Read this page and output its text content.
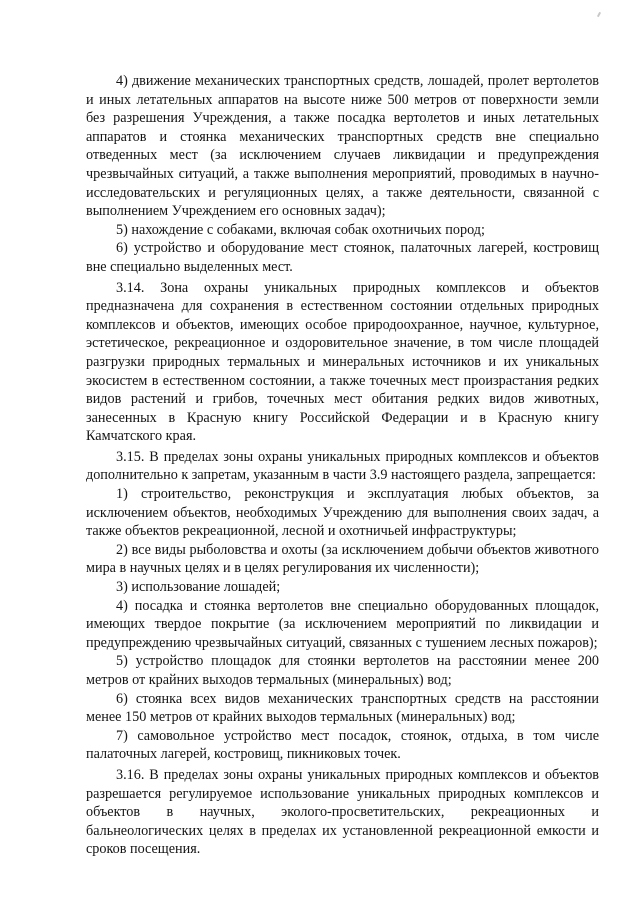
4) движение механических транспортных средств, лошадей, пролет вертолетов и иных летательных аппаратов на высоте ниже 500 метров от поверхности земли без разрешения Учреждения, а также посадка вертолетов и иных летательных аппаратов и стоянка механических транспортных средств вне специально отведенных мест (за исключением случаев ликвидации и предупреждения чрезвычайных ситуаций, а также выполнения мероприятий, проводимых в научно-исследовательских и регуляционных целях, а также деятельности, связанной с выполнением Учреждением его основных задач);

5) нахождение с собаками, включая собак охотничьих пород;

6) устройство и оборудование мест стоянок, палаточных лагерей, костровищ вне специально выделенных мест.

3.14. Зона охраны уникальных природных комплексов и объектов предназначена для сохранения в естественном состоянии отдельных природных комплексов и объектов, имеющих особое природоохранное, научное, культурное, эстетическое, рекреационное и оздоровительное значение, в том числе площадей разгрузки природных термальных и минеральных источников и их уникальных экосистем в естественном состоянии, а также точечных мест произрастания редких видов растений и грибов, точечных мест обитания редких видов животных, занесенных в Красную книгу Российской Федерации и в Красную книгу Камчатского края.

3.15. В пределах зоны охраны уникальных природных комплексов и объектов дополнительно к запретам, указанным в части 3.9 настоящего раздела, запрещается:

1) строительство, реконструкция и эксплуатация любых объектов, за исключением объектов, необходимых Учреждению для выполнения своих задач, а также объектов рекреационной, лесной и охотничьей инфраструктуры;

2) все виды рыболовства и охоты (за исключением добычи объектов животного мира в научных целях и в целях регулирования их численности);

3) использование лошадей;

4) посадка и стоянка вертолетов вне специально оборудованных площадок, имеющих твердое покрытие (за исключением мероприятий по ликвидации и предупреждению чрезвычайных ситуаций, связанных с тушением лесных пожаров);

5) устройство площадок для стоянки вертолетов на расстоянии менее 200 метров от крайних выходов термальных (минеральных) вод;

6) стоянка всех видов механических транспортных средств на расстоянии менее 150 метров от крайних выходов термальных (минеральных) вод;

7) самовольное устройство мест посадок, стоянок, отдыха, в том числе палаточных лагерей, костровищ, пикниковых точек.

3.16. В пределах зоны охраны уникальных природных комплексов и объектов разрешается регулируемое использование уникальных природных комплексов и объектов в научных, эколого-просветительских, рекреационных и бальнеологических целях в пределах их установленной рекреационной емкости и сроков посещения.
